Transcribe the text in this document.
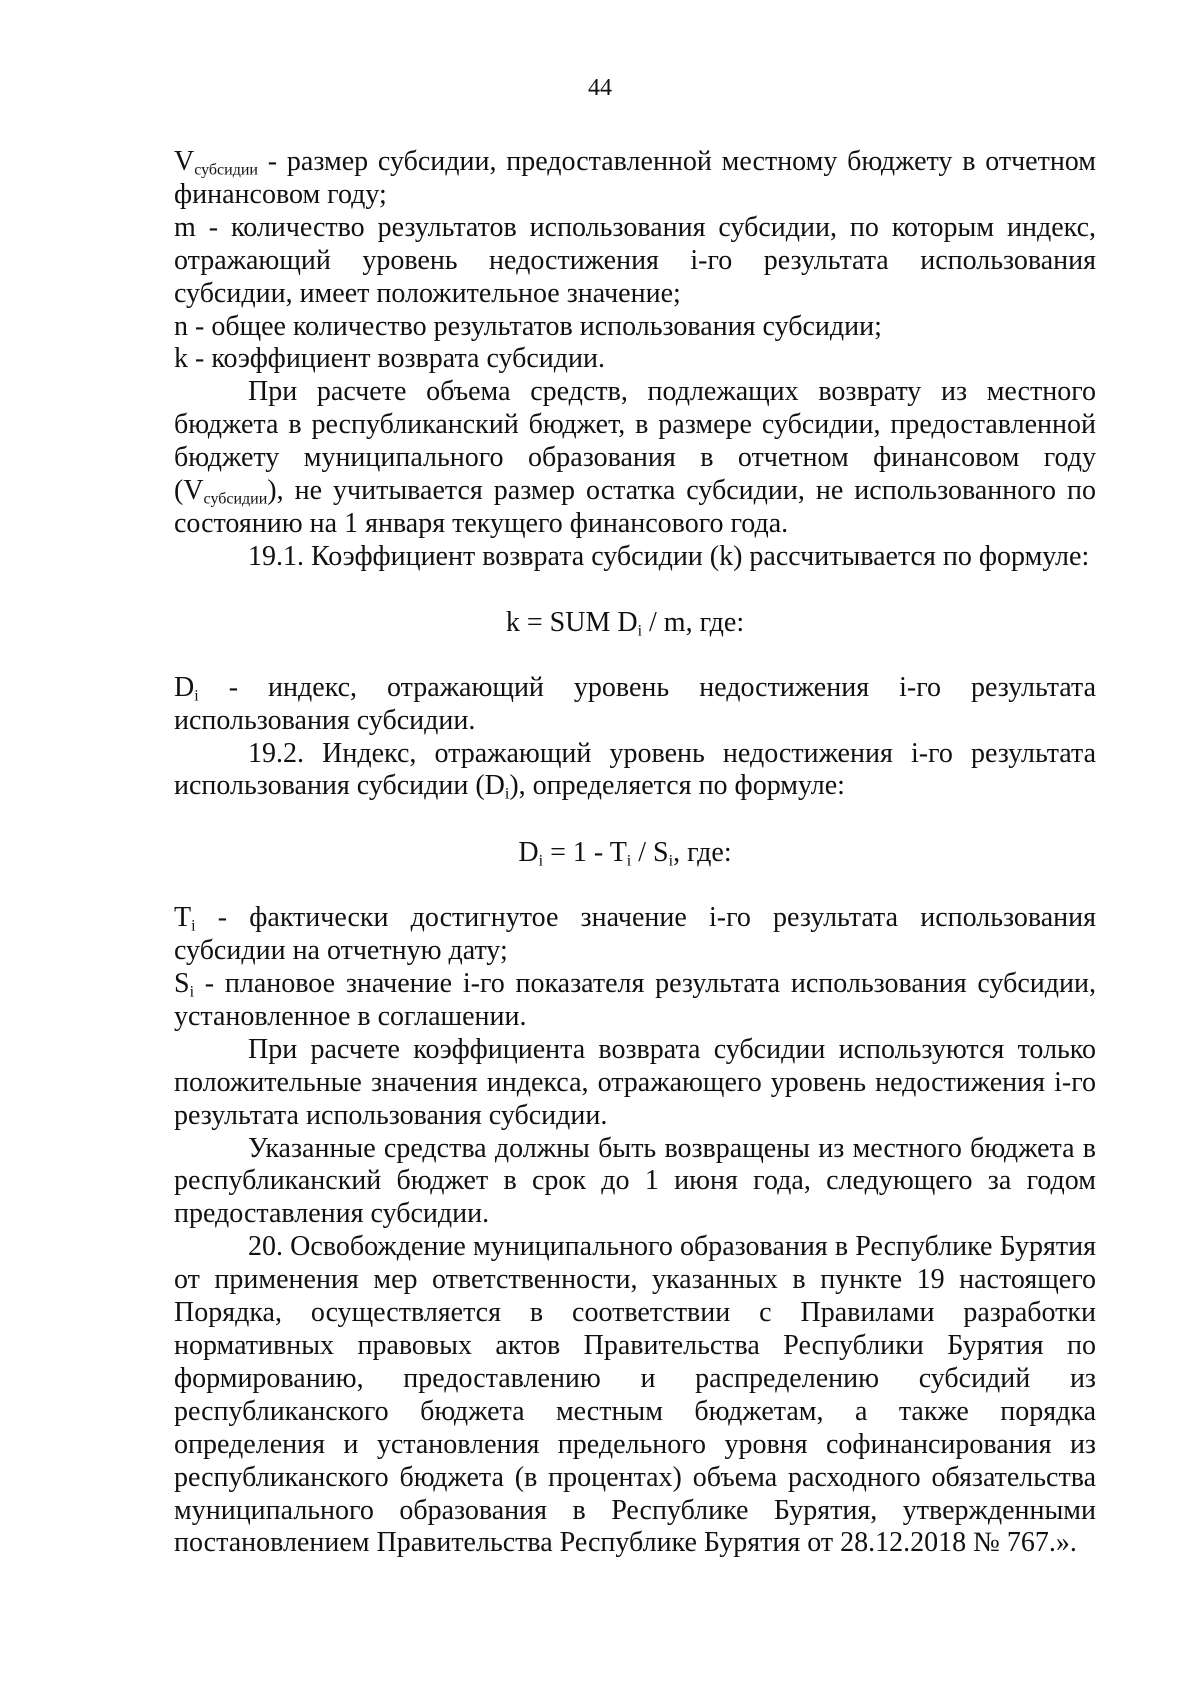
44

$V_{субсидии}$ - размер субсидии, предоставленной местному бюджету в отчетном финансовом году;

m - количество результатов использования субсидии, по которым индекс, отражающий уровень недостижения i-го результата использования субсидии, имеет положительное значение;

n - общее количество результатов использования субсидии;

k - коэффициент возврата субсидии.

При расчете объема средств, подлежащих возврату из местного бюджета в республиканский бюджет, в размере субсидии, предоставленной бюджету муниципального образования в отчетном финансовом году $(V_{субсидии})$, не учитывается размер остатка субсидии, не использованного по состоянию на 1 января текущего финансового года.

19.1. Коэффициент возврата субсидии (k) рассчитывается по формуле:

k = SUM $D_i$ / m, где:

$D_i$ - индекс, отражающий уровень недостижения i-го результата использования субсидии.

19.2. Индекс, отражающий уровень недостижения i-го результата использования субсидии $(D_i)$, определяется по формуле:

$D_i = 1 - T_i / S_i$, где:

$T_i$ - фактически достигнутое значение i-го результата использования субсидии на отчетную дату;

$S_i$ - плановое значение i-го показателя результата использования субсидии, установленное в соглашении.

При расчете коэффициента возврата субсидии используются только положительные значения индекса, отражающего уровень недостижения i-го результата использования субсидии.

Указанные средства должны быть возвращены из местного бюджета в республиканский бюджет в срок до 1 июня года, следующего за годом предоставления субсидии.

20. Освобождение муниципального образования в Республике Бурятия от применения мер ответственности, указанных в пункте 19 настоящего Порядка, осуществляется в соответствии с Правилами разработки нормативных правовых актов Правительства Республики Бурятия по формированию, предоставлению и распределению субсидий из республиканского бюджета местным бюджетам, а также порядка определения и установления предельного уровня софинансирования из республиканского бюджета (в процентах) объема расходного обязательства муниципального образования в Республике Бурятия, утвержденными постановлением Правительства Республике Бурятия от 28.12.2018 № 767.».
